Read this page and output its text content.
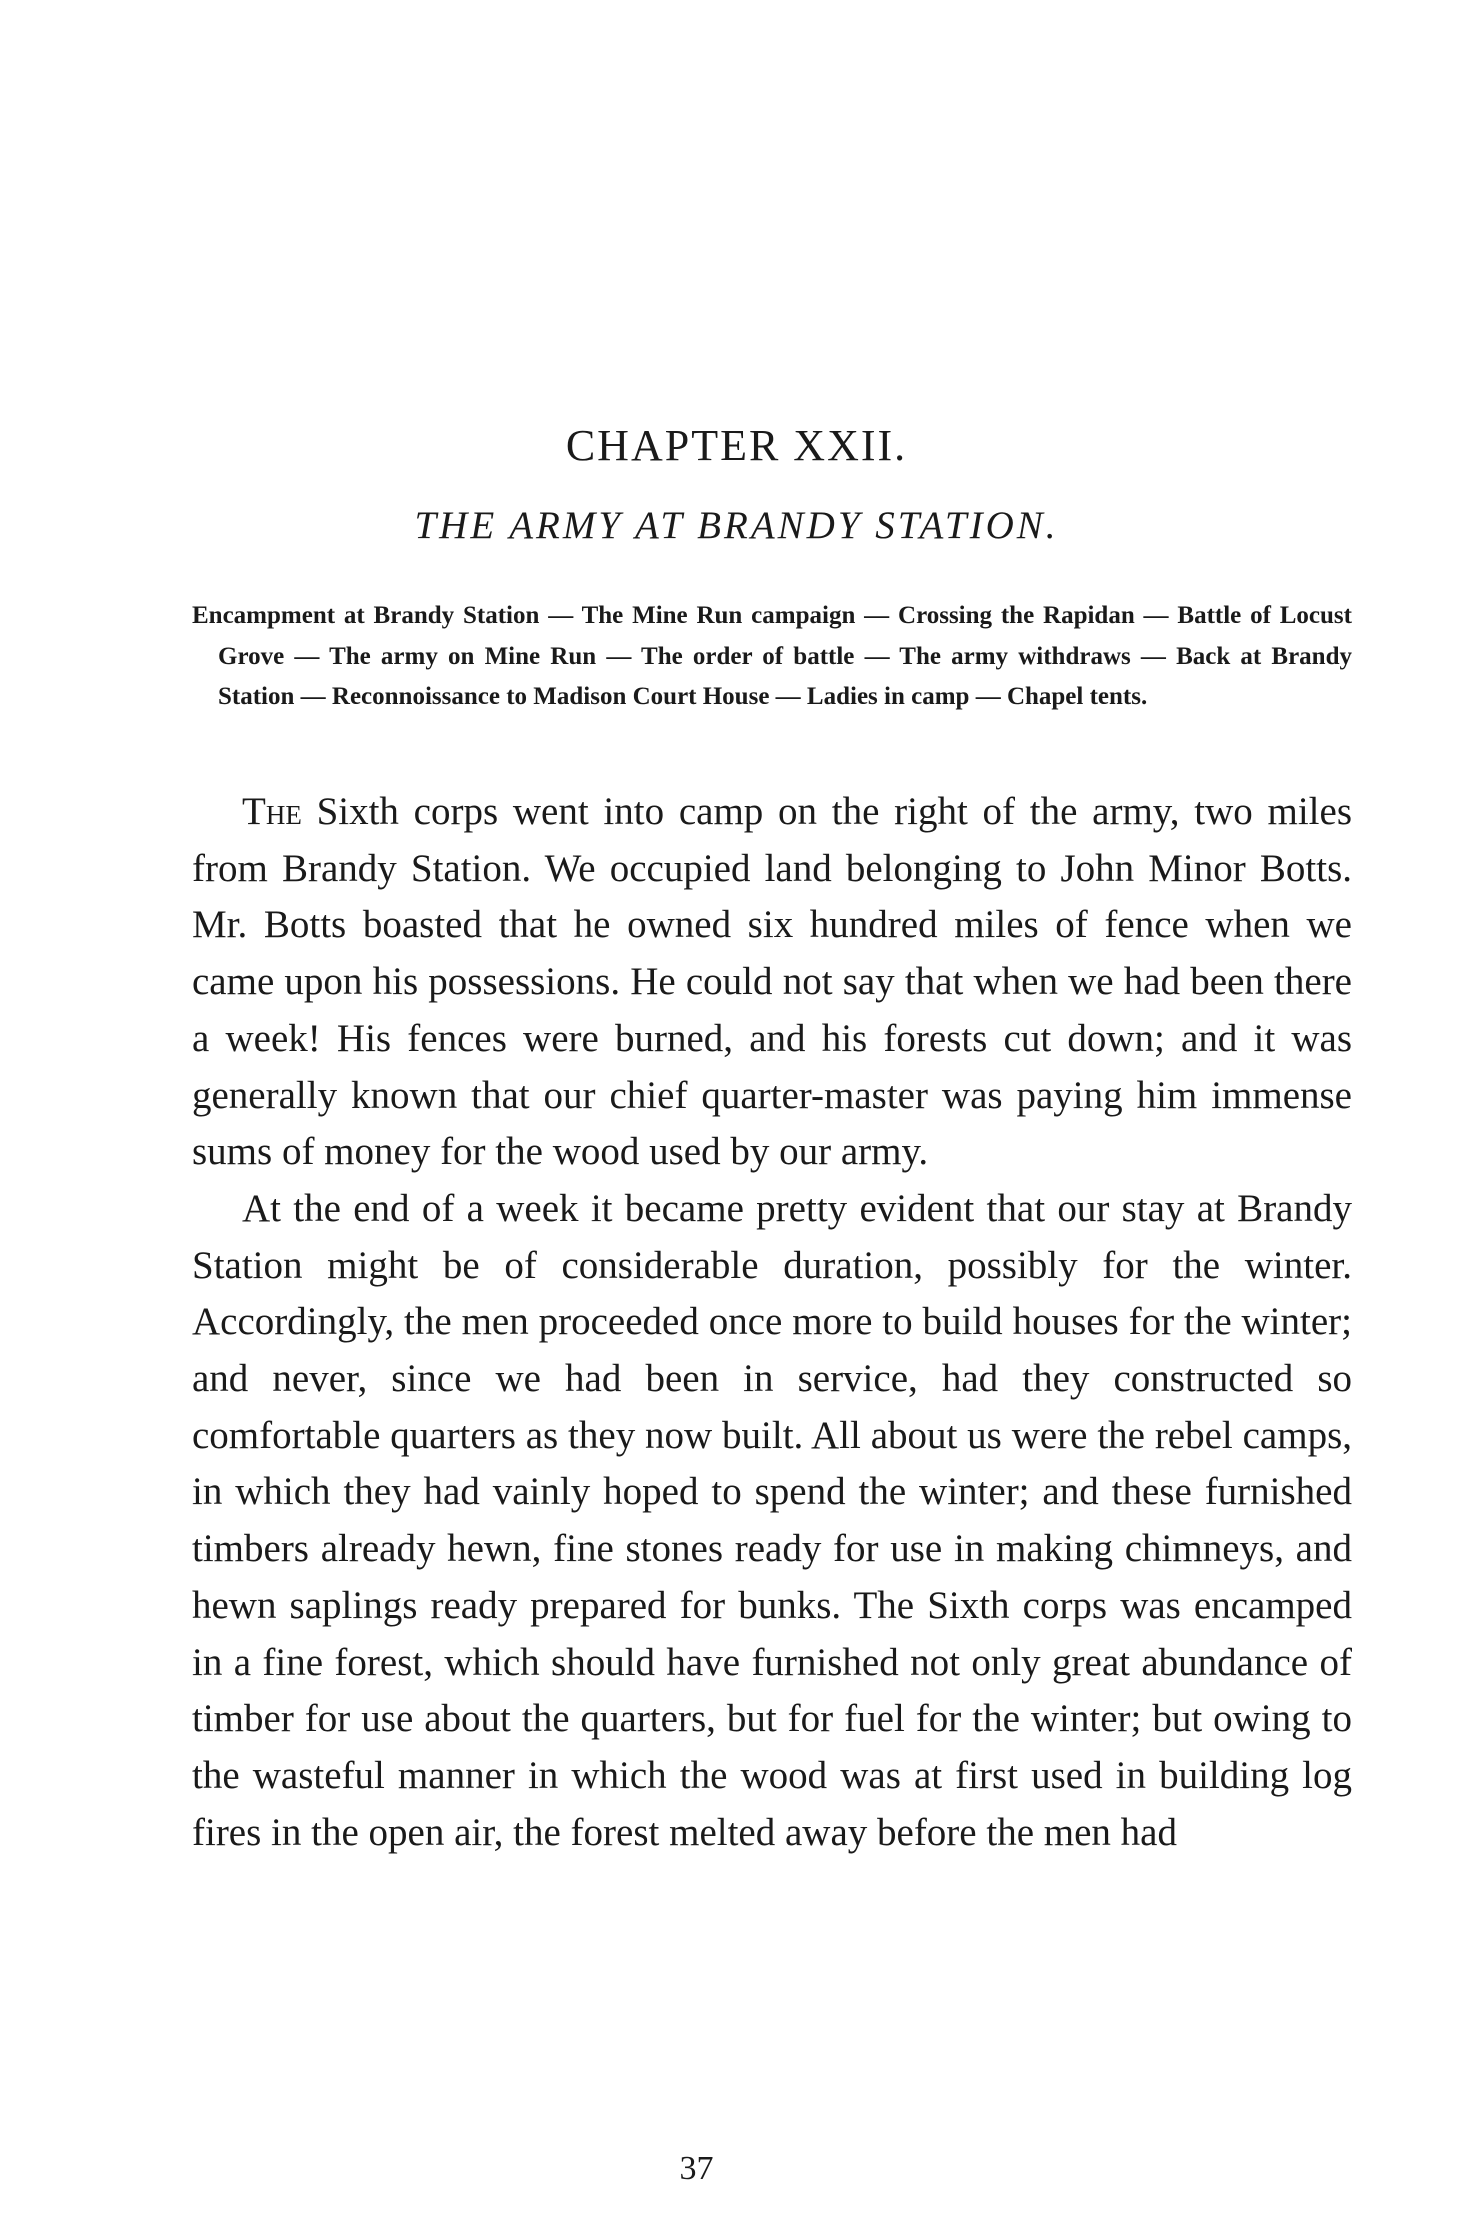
CHAPTER XXII.
THE ARMY AT BRANDY STATION.

Encampment at Brandy Station — The Mine Run campaign — Crossing the Rapidan — Battle of Locust Grove — The army on Mine Run — The order of battle — The army withdraws — Back at Brandy Station — Reconnoissance to Madison Court House — Ladies in camp — Chapel tents.

The Sixth corps went into camp on the right of the army, two miles from Brandy Station. We occupied land belonging to John Minor Botts. Mr. Botts boasted that he owned six hundred miles of fence when we came upon his possessions. He could not say that when we had been there a week! His fences were burned, and his forests cut down; and it was generally known that our chief quarter-master was paying him immense sums of money for the wood used by our army.

At the end of a week it became pretty evident that our stay at Brandy Station might be of considerable duration, possibly for the winter. Accordingly, the men proceeded once more to build houses for the winter; and never, since we had been in service, had they constructed so comfortable quarters as they now built. All about us were the rebel camps, in which they had vainly hoped to spend the winter; and these furnished timbers already hewn, fine stones ready for use in making chimneys, and hewn saplings ready prepared for bunks. The Sixth corps was encamped in a fine forest, which should have furnished not only great abundance of timber for use about the quarters, but for fuel for the winter; but owing to the wasteful manner in which the wood was at first used in building log fires in the open air, the forest melted away before the men had

37
